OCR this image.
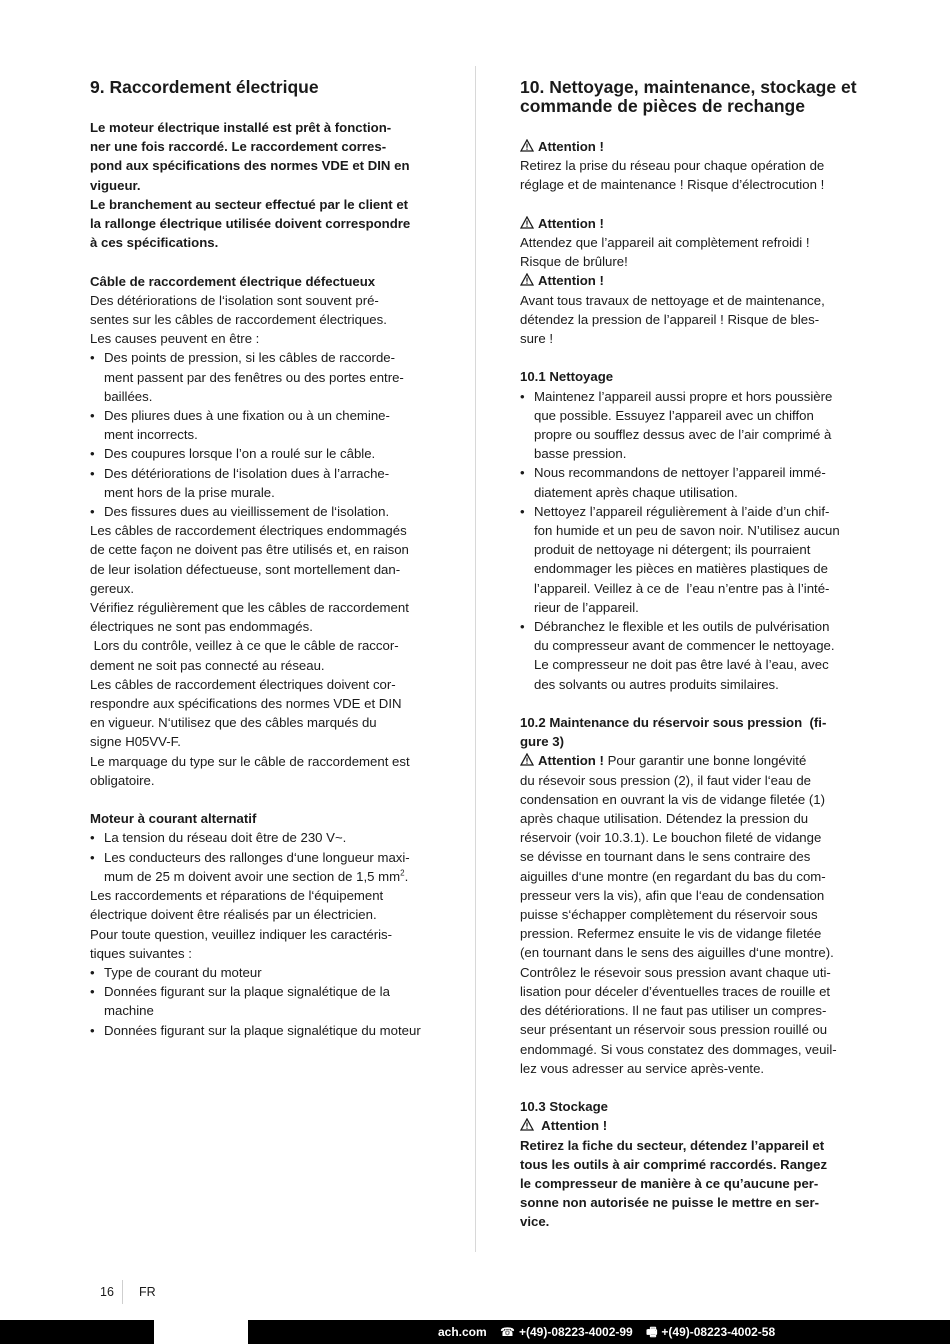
9. Raccordement électrique
Le moteur électrique installé est prêt à fonction-
ner une fois raccordé. Le raccordement corres-
pond aux spécifications des normes VDE et DIN en
vigueur.
Le branchement au secteur effectué par le client et
la rallonge électrique utilisée doivent correspondre
à ces spécifications.
Câble de raccordement électrique défectueux
Des détériorations de l‘isolation sont souvent pré-
sentes sur les câbles de raccordement électriques.
Les causes peuvent en être :
• Des points de pression, si les câbles de raccorde-
ment passent par des fenêtres ou des portes entre-
baillées.
• Des pliures dues à une fixation ou à un chemine-
ment incorrects.
• Des coupures lorsque l’on a roulé sur le câble.
• Des détériorations de l‘isolation dues à l’arrache-
ment hors de la prise murale.
• Des fissures dues au vieillissement de l‘isolation.
Les câbles de raccordement électriques endommagés
de cette façon ne doivent pas être utilisés et, en raison
de leur isolation défectueuse, sont mortellement dan-
gereux.
Vérifiez régulièrement que les câbles de raccordement
électriques ne sont pas endommagés.
Lors du contrôle, veillez à ce que le câble de raccor-
dement ne soit pas connecté au réseau.
Les câbles de raccordement électriques doivent cor-
respondre aux spécifications des normes VDE et DIN
en vigueur. N‘utilisez que des câbles marqués du
signe H05VV-F.
Le marquage du type sur le câble de raccordement est
obligatoire.
Moteur à courant alternatif
• La tension du réseau doit être de 230 V~.
• Les conducteurs des rallonges d‘une longueur maxi-
mum de 25 m doivent avoir une section de 1,5 $mm^2$.
Les raccordements et réparations de l‘équipement
électrique doivent être réalisés par un électricien.
Pour toute question, veuillez indiquer les caractéris-
tiques suivantes :
• Type de courant du moteur
• Données figurant sur la plaque signalétique de la
machine
• Données figurant sur la plaque signalétique du moteur
10. Nettoyage, maintenance, stockage et
commande de pièces de rechange
Attention !
Retirez la prise du réseau pour chaque opération de
réglage et de maintenance ! Risque d’électrocution !
Attention !
Attendez que l’appareil ait complètement refroidi !
Risque de brûlure!
Attention !
Avant tous travaux de nettoyage et de maintenance,
détendez la pression de l’appareil ! Risque de bles-
sure !
10.1 Nettoyage
• Maintenez l’appareil aussi propre et hors poussière
que possible. Essuyez l’appareil avec un chiffon
propre ou soufflez dessus avec de l’air comprimé à
basse pression.
• Nous recommandons de nettoyer l’appareil immé-
diatement après chaque utilisation.
• Nettoyez l’appareil régulièrement à l’aide d’un chif-
fon humide et un peu de savon noir. N’utilisez aucun
produit de nettoyage ni détergent; ils pourraient
endommager les pièces en matières plastiques de
l’appareil. Veillez à ce de  l’eau n’entre pas à l’inté-
rieur de l’appareil.
• Débranchez le flexible et les outils de pulvérisation
du compresseur avant de commencer le nettoyage.
Le compresseur ne doit pas être lavé à l’eau, avec
des solvants ou autres produits similaires.
10.2 Maintenance du réservoir sous pression  (fi-
gure 3)
Attention ! Pour garantir une bonne longévité
du résevoir sous pression (2), il faut vider l‘eau de
condensation en ouvrant la vis de vidange filetée (1)
après chaque utilisation. Détendez la pression du
réservoir (voir 10.3.1). Le bouchon fileté de vidange
se dévisse en tournant dans le sens contraire des
aiguilles d‘une montre (en regardant du bas du com-
presseur vers la vis), afin que l‘eau de condensation
puisse s‘échapper complètement du réservoir sous
pression. Refermez ensuite le vis de vidange filetée
(en tournant dans le sens des aiguilles d‘une montre).
Contrôlez le résevoir sous pression avant chaque uti-
lisation pour déceler d’éventuelles traces de rouille et
des détériorations. Il ne faut pas utiliser un compres-
seur présentant un réservoir sous pression rouillé ou
endommagé. Si vous constatez des dommages, veuil-
lez vous adresser au service après-vente.
10.3 Stockage
Attention !
Retirez la fiche du secteur, détendez l’appareil et
tous les outils à air comprimé raccordés. Rangez
le compresseur de manière à ce qu’aucune per-
sonne non autorisée ne puisse le mettre en ser-
vice.
16 FR
ach.com ☎ +(49)-08223-4002-99 🖷 +(49)-08223-4002-58
